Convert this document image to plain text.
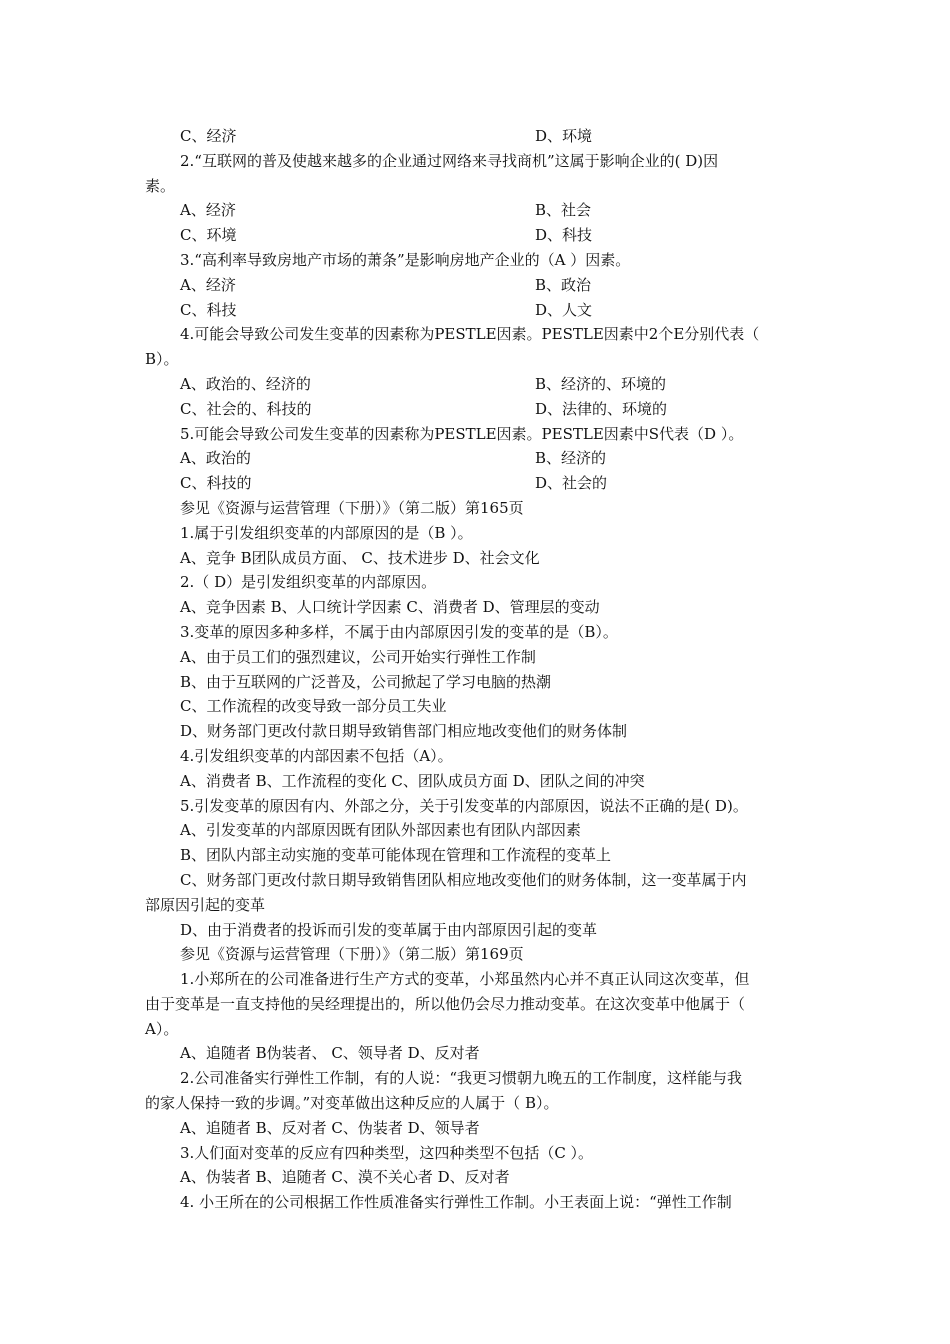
C、经济	D、环境
2.“互联网的普及使越来越多的企业通过网络来寻找商机”这属于影响企业的( D)因
素。
A、经济	B、社会
C、环境	D、科技
3.“高利率导致房地产市场的萧条”是影响房地产企业的（A ）因素。
A、经济	B、政治
C、科技	D、人文
4.可能会导致公司发生变革的因素称为PESTLE因素。PESTLE因素中2个E分别代表（
B）。
A、政治的、经济的	B、经济的、环境的
C、社会的、科技的	D、法律的、环境的
5.可能会导致公司发生变革的因素称为PESTLE因素。PESTLE因素中S代表（D ）。
A、政治的	B、经济的
C、科技的	D、社会的
参见《资源与运营管理（下册）》（第二版）第165页
1.属于引发组织变革的内部原因的是（B ）。
A、竞争 B团队成员方面、 C、技术进步 D、社会文化
2.（ D）是引发组织变革的内部原因。
A、竞争因素 B、人口统计学因素 C、消费者 D、管理层的变动
3.变革的原因多种多样，不属于由内部原因引发的变革的是（B）。
A、由于员工们的强烈建议，公司开始实行弹性工作制
B、由于互联网的广泛普及，公司掀起了学习电脑的热潮
C、工作流程的改变导致一部分员工失业
D、财务部门更改付款日期导致销售部门相应地改变他们的财务体制
4.引发组织变革的内部因素不包括（A）。
A、消费者 B、工作流程的变化 C、团队成员方面 D、团队之间的冲突
5.引发变革的原因有内、外部之分，关于引发变革的内部原因，说法不正确的是( D)。
A、引发变革的内部原因既有团队外部因素也有团队内部因素
B、团队内部主动实施的变革可能体现在管理和工作流程的变革上
C、财务部门更改付款日期导致销售团队相应地改变他们的财务体制，这一变革属于内
部原因引起的变革
D、由于消费者的投诉而引发的变革属于由内部原因引起的变革
参见《资源与运营管理（下册）》（第二版）第169页
1.小郑所在的公司准备进行生产方式的变革，小郑虽然内心并不真正认同这次变革，但
由于变革是一直支持他的吴经理提出的，所以他仍会尽力推动变革。在这次变革中他属于（
A）。
A、追随者 B伪装者、 C、领导者 D、反对者
2.公司准备实行弹性工作制，有的人说：“我更习惯朝九晚五的工作制度，这样能与我
的家人保持一致的步调。”对变革做出这种反应的人属于（ B）。
A、追随者 B、反对者 C、伪装者 D、领导者
3.人们面对变革的反应有四种类型，这四种类型不包括（C ）。
A、伪装者 B、追随者 C、漠不关心者 D、反对者
4. 小王所在的公司根据工作性质准备实行弹性工作制。小王表面上说：“弹性工作制
